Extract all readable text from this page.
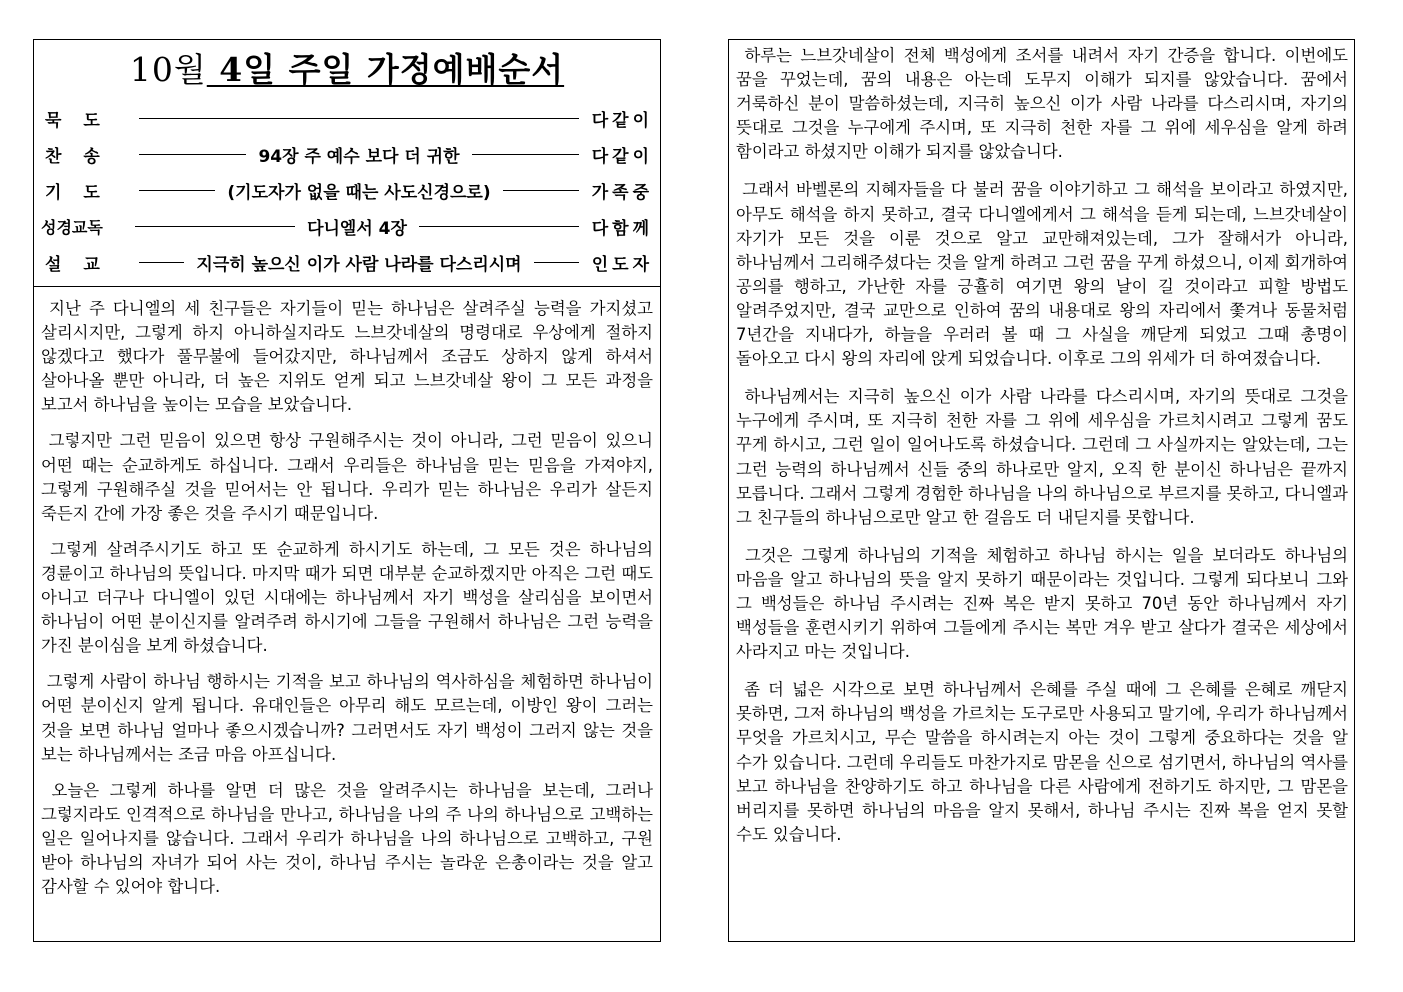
10월 4일 주일 가정예배순서
묵 도	다같이
찬 송	94장 주 예수 보다 더 귀한	다같이
기 도	(기도자가 없을 때는 사도신경으로)	가족중
성경교독	다니엘서 4장	다함께
설 교	지극히 높으신 이가 사람 나라를 다스리시며	인도자

지난 주 다니엘의 세 친구들은 자기들이 믿는 하나님은 살려주실 능력을 가지셨고 살리시지만, 그렇게 하지 아니하실지라도 느브갓네살의 명령대로 우상에게 절하지 않겠다고 했다가 풀무불에 들어갔지만, 하나님께서 조금도 상하지 않게 하셔서 살아나올 뿐만 아니라, 더 높은 지위도 얻게 되고 느브갓네살 왕이 그 모든 과정을 보고서 하나님을 높이는 모습을 보았습니다.

그렇지만 그런 믿음이 있으면 항상 구원해주시는 것이 아니라, 그런 믿음이 있으니 어떤 때는 순교하게도 하십니다. 그래서 우리들은 하나님을 믿는 믿음을 가져야지, 그렇게 구원해주실 것을 믿어서는 안 됩니다. 우리가 믿는 하나님은 우리가 살든지 죽든지 간에 가장 좋은 것을 주시기 때문입니다.

그렇게 살려주시기도 하고 또 순교하게 하시기도 하는데, 그 모든 것은 하나님의 경륜이고 하나님의 뜻입니다. 마지막 때가 되면 대부분 순교하겠지만 아직은 그런 때도 아니고 더구나 다니엘이 있던 시대에는 하나님께서 자기 백성을 살리심을 보이면서 하나님이 어떤 분이신지를 알려주려 하시기에 그들을 구원해서 하나님은 그런 능력을 가진 분이심을 보게 하셨습니다.

그렇게 사람이 하나님 행하시는 기적을 보고 하나님의 역사하심을 체험하면 하나님이 어떤 분이신지 알게 됩니다. 유대인들은 아무리 해도 모르는데, 이방인 왕이 그러는 것을 보면 하나님 얼마나 좋으시겠습니까? 그러면서도 자기 백성이 그러지 않는 것을 보는 하나님께서는 조금 마음 아프십니다.

오늘은 그렇게 하나를 알면 더 많은 것을 알려주시는 하나님을 보는데, 그러나 그렇지라도 인격적으로 하나님을 만나고, 하나님을 나의 주 나의 하나님으로 고백하는 일은 일어나지를 않습니다. 그래서 우리가 하나님을 나의 하나님으로 고백하고, 구원 받아 하나님의 자녀가 되어 사는 것이, 하나님 주시는 놀라운 은총이라는 것을 알고 감사할 수 있어야 합니다.

하루는 느브갓네살이 전체 백성에게 조서를 내려서 자기 간증을 합니다. 이번에도 꿈을 꾸었는데, 꿈의 내용은 아는데 도무지 이해가 되지를 않았습니다. 꿈에서 거룩하신 분이 말씀하셨는데, 지극히 높으신 이가 사람 나라를 다스리시며, 자기의 뜻대로 그것을 누구에게 주시며, 또 지극히 천한 자를 그 위에 세우심을 알게 하려 함이라고 하셨지만 이해가 되지를 않았습니다.

그래서 바벨론의 지혜자들을 다 불러 꿈을 이야기하고 그 해석을 보이라고 하였지만, 아무도 해석을 하지 못하고, 결국 다니엘에게서 그 해석을 듣게 되는데, 느브갓네살이 자기가 모든 것을 이룬 것으로 알고 교만해져있는데, 그가 잘해서가 아니라, 하나님께서 그리해주셨다는 것을 알게 하려고 그런 꿈을 꾸게 하셨으니, 이제 회개하여 공의를 행하고, 가난한 자를 긍휼히 여기면 왕의 날이 길 것이라고 피할 방법도 알려주었지만, 결국 교만으로 인하여 꿈의 내용대로 왕의 자리에서 쫓겨나 동물처럼 7년간을 지내다가, 하늘을 우러러 볼 때 그 사실을 깨닫게 되었고 그때 총명이 돌아오고 다시 왕의 자리에 앉게 되었습니다. 이후로 그의 위세가 더 하여졌습니다.

하나님께서는 지극히 높으신 이가 사람 나라를 다스리시며, 자기의 뜻대로 그것을 누구에게 주시며, 또 지극히 천한 자를 그 위에 세우심을 가르치시려고 그렇게 꿈도 꾸게 하시고, 그런 일이 일어나도록 하셨습니다. 그런데 그 사실까지는 알았는데, 그는 그런 능력의 하나님께서 신들 중의 하나로만 알지, 오직 한 분이신 하나님은 끝까지 모릅니다. 그래서 그렇게 경험한 하나님을 나의 하나님으로 부르지를 못하고, 다니엘과 그 친구들의 하나님으로만 알고 한 걸음도 더 내딛지를 못합니다.

그것은 그렇게 하나님의 기적을 체험하고 하나님 하시는 일을 보더라도 하나님의 마음을 알고 하나님의 뜻을 알지 못하기 때문이라는 것입니다. 그렇게 되다보니 그와 그 백성들은 하나님 주시려는 진짜 복은 받지 못하고 70년 동안 하나님께서 자기 백성들을 훈련시키기 위하여 그들에게 주시는 복만 겨우 받고 살다가 결국은 세상에서 사라지고 마는 것입니다.

좀 더 넓은 시각으로 보면 하나님께서 은혜를 주실 때에 그 은혜를 은혜로 깨닫지 못하면, 그저 하나님의 백성을 가르치는 도구로만 사용되고 말기에, 우리가 하나님께서 무엇을 가르치시고, 무슨 말씀을 하시려는지 아는 것이 그렇게 중요하다는 것을 알 수가 있습니다. 그런데 우리들도 마찬가지로 맘몬을 신으로 섬기면서, 하나님의 역사를 보고 하나님을 찬양하기도 하고 하나님을 다른 사람에게 전하기도 하지만, 그 맘몬을 버리지를 못하면 하나님의 마음을 알지 못해서, 하나님 주시는 진짜 복을 얻지 못할 수도 있습니다.
